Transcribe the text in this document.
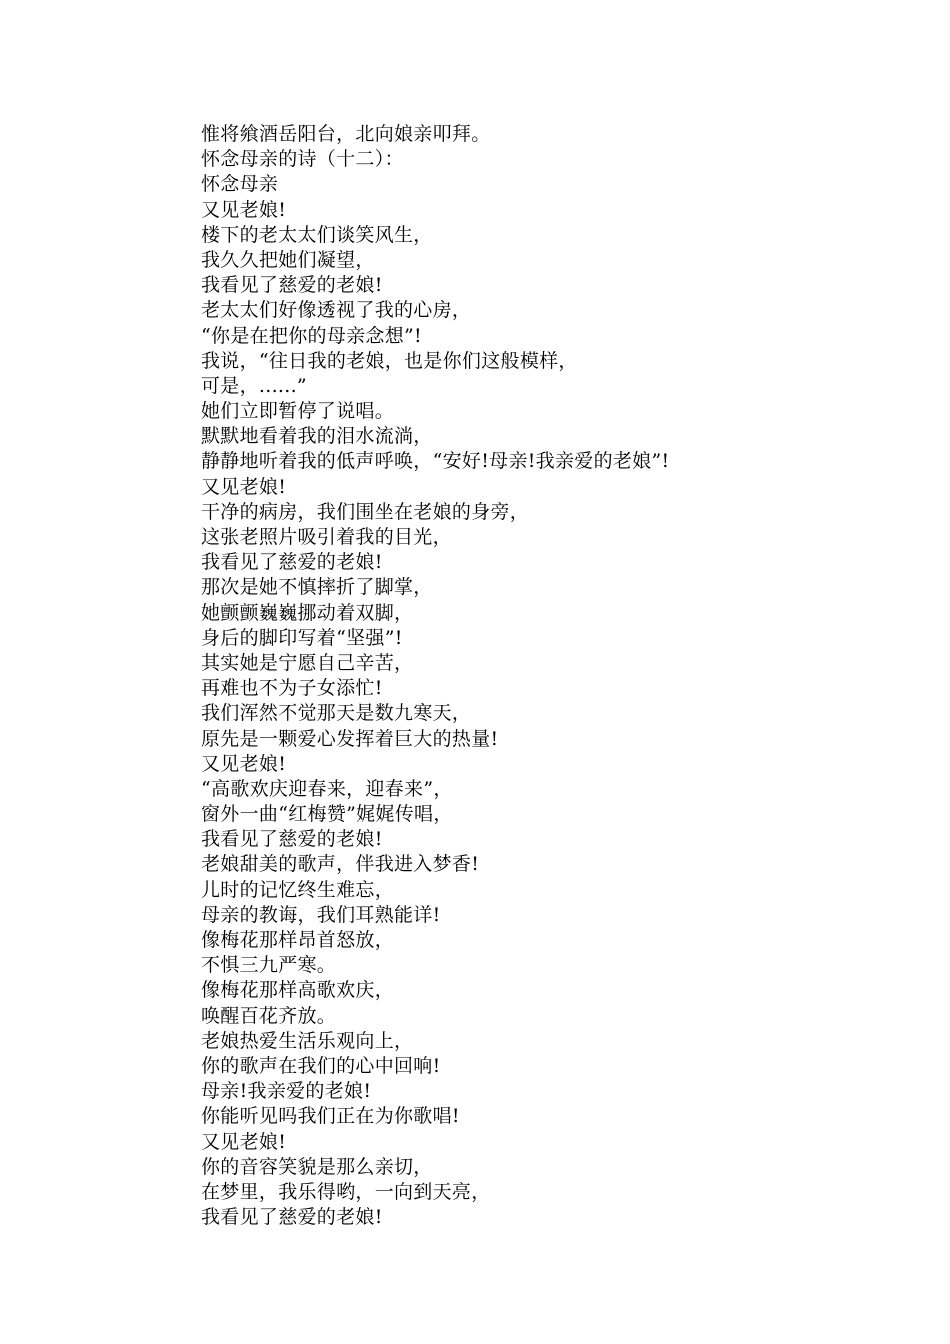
惟将飨酒岳阳台，北向娘亲叩拜。
怀念母亲的诗（十二）：
怀念母亲
又见老娘!
楼下的老太太们谈笑风生，
我久久把她们凝望，
我看见了慈爱的老娘!
老太太们好像透视了我的心房，
“你是在把你的母亲念想”!
我说，“往日我的老娘，也是你们这般模样，
可是，......”
她们立即暂停了说唱。
默默地看着我的泪水流淌，
静静地听着我的低声呼唤，“安好!母亲!我亲爱的老娘”!
又见老娘!
干净的病房，我们围坐在老娘的身旁，
这张老照片吸引着我的目光，
我看见了慈爱的老娘!
那次是她不慎摔折了脚掌，
她颤颤巍巍挪动着双脚，
身后的脚印写着“坚强”!
其实她是宁愿自己辛苦，
再难也不为子女添忙!
我们浑然不觉那天是数九寒天，
原先是一颗爱心发挥着巨大的热量!
又见老娘!
“高歌欢庆迎春来，迎春来”，
窗外一曲“红梅赞”娓娓传唱，
我看见了慈爱的老娘!
老娘甜美的歌声，伴我进入梦香!
儿时的记忆终生难忘，
母亲的教诲，我们耳熟能详!
像梅花那样昂首怒放，
不惧三九严寒。
像梅花那样高歌欢庆，
唤醒百花齐放。
老娘热爱生活乐观向上，
你的歌声在我们的心中回响!
母亲!我亲爱的老娘!
你能听见吗我们正在为你歌唱!
又见老娘!
你的音容笑貌是那么亲切，
在梦里，我乐得哟，一向到天亮，
我看见了慈爱的老娘!
